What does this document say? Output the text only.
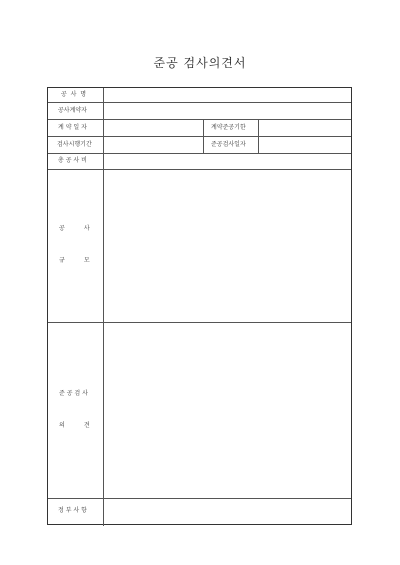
준공 검사의견서
공  사  명
공사계약자
계 약 일 자	계약준공기한
검사시행기간	준공검사일자
총 공 사 비
공          사
규          모
준 공 검 사
의          견
정 부 사 항
